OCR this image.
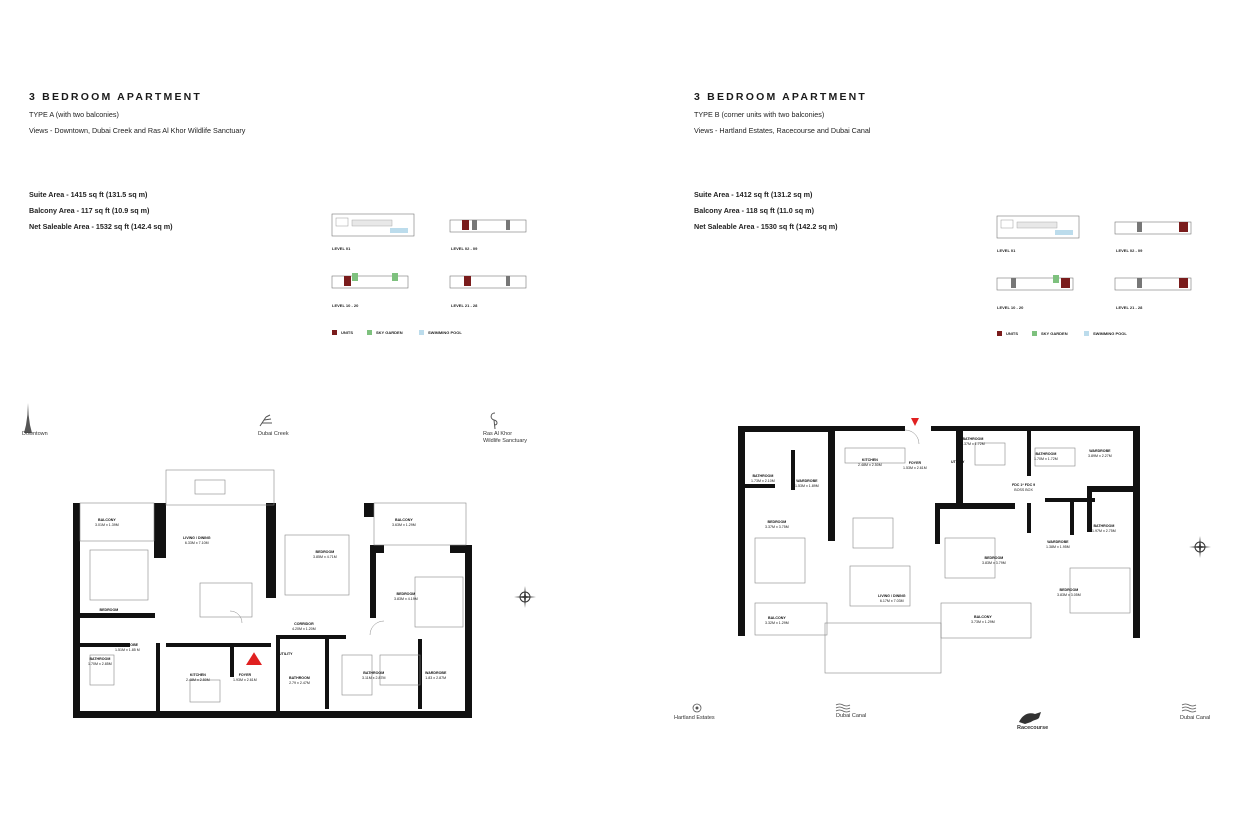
3 BEDROOM APARTMENT
TYPE A (with two balconies)
Views - Downtown, Dubai Creek and Ras Al Khor Wildlife Sanctuary
Suite Area - 1415 sq ft (131.5 sq m)
Balcony Area - 117 sq ft (10.9 sq m)
Net Saleable Area - 1532 sq ft (142.4 sq m)
LEVEL 01	LEVEL 02 - 09
LEVEL 10 - 20	LEVEL 21 - 28
UNITS	SKY GARDEN	SWIMMING POOL
Downtown	Dubai Creek	Ras Al Khor
Wildlife Sanctuary
BALCONY
3.01M x 1.39M
LIVING / DINING
6.33M x 7.10M
BEDROOM
3.85M x 4.71M
BALCONY
3.63M x 1.29M
BEDROOM
3.40M x 3.73M
BEDROOM
3.83M x 4.19M
CORRIDOR
4.20M x 1.20M
WARDROBE
1.51M x 1.85 M
BATHROOM
1.70M x 2.85M
KITCHEN
2.48M x 2.50M
FOYER
1.93M x 2.61M
UTILITY
BATHROOM
2.79 x 2.47M
BATHROOM
3.11M x 2.87M
WARDROBE
1.83 x 2.87M
3 BEDROOM APARTMENT
TYPE B (corner units with two balconies)
Views - Hartland Estates, Racecourse and Dubai Canal
Suite Area - 1412 sq ft (131.2 sq m)
Balcony Area - 118 sq ft (11.0 sq m)
Net Saleable Area - 1530 sq ft (142.2 sq m)
LEVEL 01	LEVEL 02 - 09
LEVEL 10 - 20	LEVEL 21 - 28
UNITS	SKY GARDEN	SWIMMING POOL
BATHROOM
1.73M x 2.10M	WARDROBE
1.53M x 1.89M
KITCHEN
2.48M x 2.50M
FOYER
1.53M x 2.61M
UTILITY
BATHROOM
2.37M x 1.72M
BATHROOM
1.70M x 1.72M
WARDROBE
3.89M x 2.27M
FDC 1* FDC 9
BOSS BOX
BEDROOM
3.37M x 3.75M
BEDROOM
3.83M x 3.79M
WARDROBE
1.38M x 1.95M
BATHROOM
1.97M x 2.75M
LIVING / DINING
6.17M x 7.03M
BEDROOM
3.83M x 3.05M
BALCONY
3.32M x 1.29M
BALCONY
3.73M x 1.29M
Hartland Estates	Dubai Canal
Racecourse
Dubai Canal
